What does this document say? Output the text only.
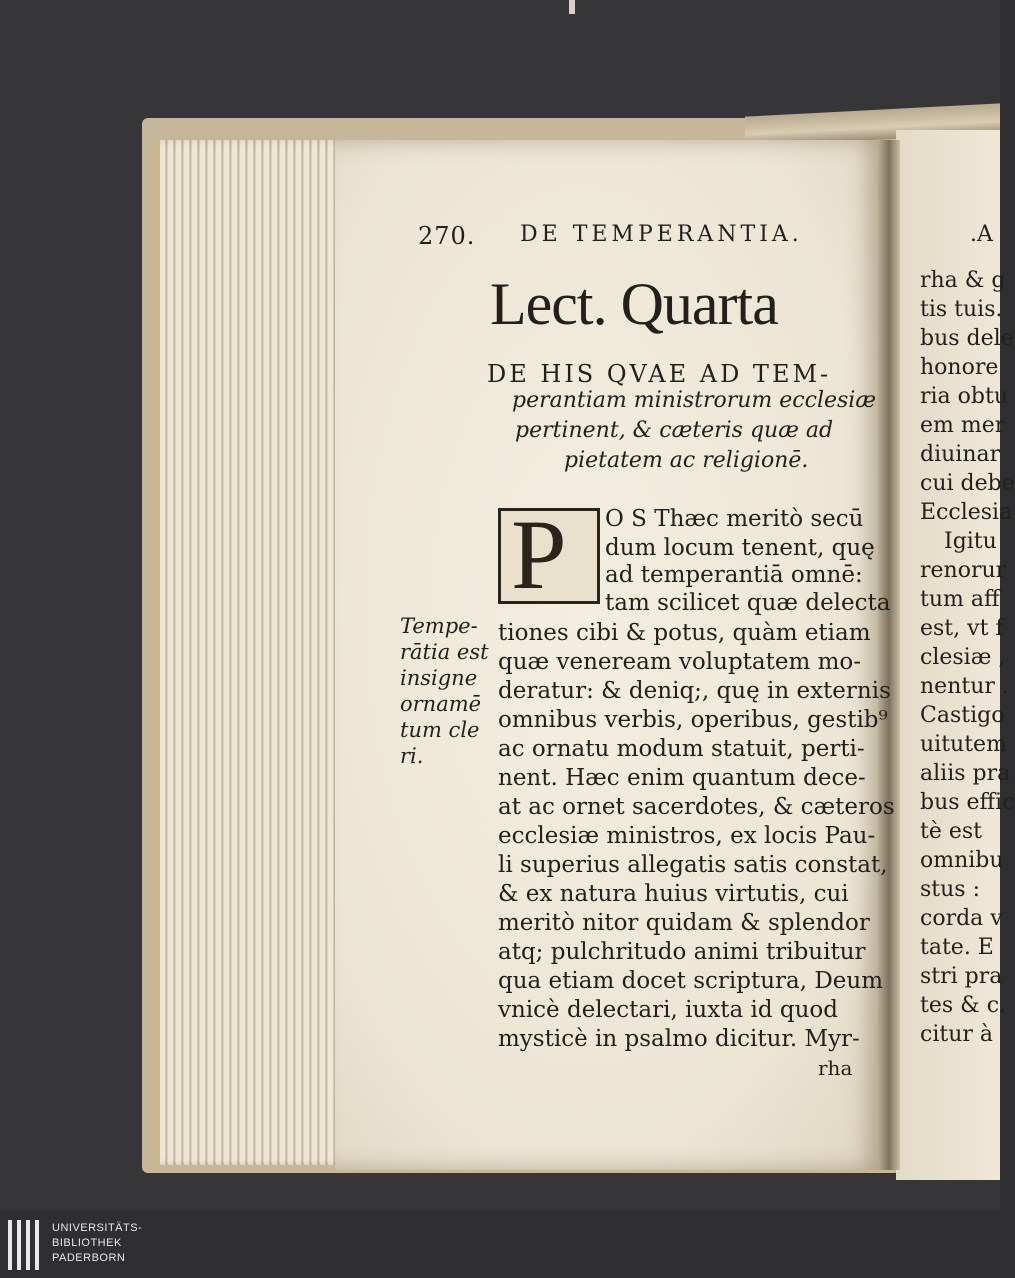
270. DE TEMPERANTIA.

Lect. Quarta

DE HIS QVAE AD TEM-

perantiam ministrorum ecclesiæ

pertinent, & cæteris quæ ad

pietatem ac religionē.

P O S Thæc meritò secū

dum locum tenent, quę

ad temperantiā omnē:

tam scilicet quæ delecta

tiones cibi & potus, quàm etiam

quæ veneream voluptatem mo-

deratur: & deniq;, quę in externis

omnibus verbis, operibus, gestib⁹

ac ornatu modum statuit, perti-

nent. Hæc enim quantum dece-

at ac ornet sacerdotes, & cæteros

ecclesiæ ministros, ex locis Pau-

li superius allegatis satis constat,

& ex natura huius virtutis, cui

meritò nitor quidam & splendor

atq; pulchritudo animi tribuitur

qua etiam docet scriptura, Deum

vnicè delectari, iuxta id quod

mysticè in psalmo dicitur. Myr-

rha

Tempe-

rātia est

insigne

ornamē

tum cle

ri.

.A

rha & g

tis tuis.

bus dele

honore

ria obtu

em mer

diuinar

cui debe

Ecclesia

Igitu

renorur

tum aff

est, vt f

clesiæ ,

nentur .

Castigo

uitutem

aliis pra

bus effic

tè est

omnibu

stus :

corda v

tate. E

stri pra

tes & c.

citur à

UNIVERSITÄTS-
BIBLIOTHEK
PADERBORN
